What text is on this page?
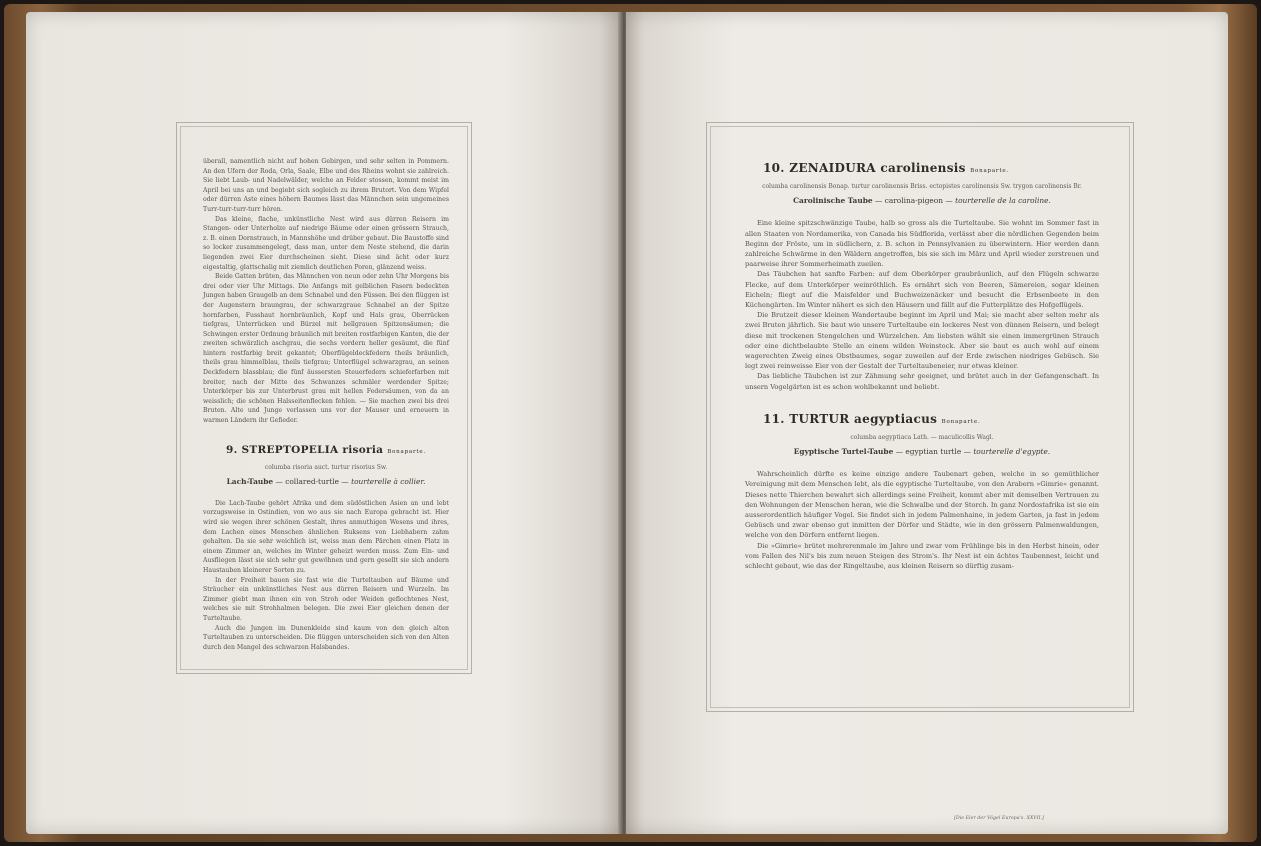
überall, namentlich nicht auf hohen Gebirgen, und sehr selten in Pommern. An den Ufern der Roda, Orla, Saale, Elbe und des Rheins wohnt sie zahlreich. Sie liebt Laub- und Nadelwälder, welche an Felder stossen, kommt meist im April bei uns an und begiebt sich sogleich zu ihrem Brutort. Von dem Wipfel oder dürren Aste eines höhern Baumes lässt das Männchen sein ungemeines Turr-turr-turr-turr hören.

Das kleine, flache, unkünstliche Nest wird aus dürren Reisern im Stangen- oder Unterholze auf niedrige Bäume oder einen grössern Strauch, z. B. einen Dornstrauch, in Mannshöhe und drüber gebaut. Die Baustoffe sind so locker zusammengelegt, dass man, unter dem Neste stehend, die darin liegenden zwei Eier durchscheinen sieht. Diese sind ächt oder kurz eigestaltig, glattschalig mit ziemlich deutlichen Poren, glänzend weiss.

Beide Gatten brüten, das Männchen von neun oder zehn Uhr Morgens bis drei oder vier Uhr Mittags. Die Anfangs mit gelblichen Fasern bedeckten Jungen haben Graugelb an dem Schnabel und den Füssen. Bei den flüggen ist der Augenstern braungrau, der schwarzgraue Schnabel an der Spitze hornfarben, Fusshaut hornbräunlich, Kopf und Hals grau, Oberrücken tiefgrau, Unterrücken und Bürzel mit hellgrauen Spitzensäumen; die Schwingen erster Ordnung bräunlich mit breiten rostfarbigen Kanten, die der zweiten schwärzlich aschgrau, die sechs vordern heller gesäumt, die fünf hintern rostfarbig breit gekantet; Oberflügeldeckfedern theils bräunlich, theils grau himmelblau, theils tiefgrau; Unterflügel schwarzgrau, an seinen Deckfedern blassblau; die fünf äussersten Steuerfedern schieferfarben mit breiter, nach der Mitte des Schwanzes schmäler werdender Spitze; Unterkörper bis zur Unterbrust grau mit hellen Federsäumen, von da an weisslich; die schönen Halsseitenflecken fehlen. — Sie machen zwei bis drei Bruten. Alte und Junge verlassen uns vor der Mauser und erneuern in warmen Ländern ihr Gefieder.

9. STREPTOPELIA risoria Bonaparte.
columba risoria auct. turtur risorius Sw.
Lach-Taube — collared-turtle — tourterelle à collier.

Die Lach-Taube gehört Afrika und dem südöstlichen Asien an und lebt vorzugsweise in Ostindien, von wo aus sie nach Europa gebracht ist. Hier wird sie wegen ihrer schönen Gestalt, ihres anmuthigen Wesens und ihres, dem Lachen eines Menschen ähnlichen Ruksens von Liebhabern zahm gehalten. Da sie sehr weichlich ist, weiss man dem Pärchen einen Platz in einem Zimmer an, welches im Winter geheizt werden muss. Zum Ein- und Ausfliegen lässt sie sich sehr gut gewöhnen und gern gesellt sie sich andern Haustauben kleinerer Sorten zu.

In der Freiheit bauen sie fast wie die Turteltauben auf Bäume und Sträucher ein unkünstliches Nest aus dürren Reisern und Wurzeln. Im Zimmer giebt man ihnen ein von Stroh oder Weiden geflochtenes Nest, welches sie mit Strohhalmen belegen. Die zwei Eier gleichen denen der Turteltaube.

Auch die Jungen im Dunenkleide sind kaum von den gleich alten Turteltauben zu unterscheiden. Die flüggen unterscheiden sich von den Alten durch den Mangel des schwarzen Halsbandes.

10. ZENAIDURA carolinensis Bonaparte.
columba carolinensis Bonap. turtur carolinensis Briss. ectopistes carolinensis Sw. trygon carolinensis Br.
Carolinische Taube — carolina-pigeon — tourterelle de la caroline.

Eine kleine spitzschwänzige Taube, halb so gross als die Turteltaube. Sie wohnt im Sommer fast in allen Staaten von Nordamerika, von Canada bis Südflorida, verlässt aber die nördlichen Gegenden beim Beginn der Fröste, um in südlichern, z. B. schon in Pennsylvanien zu überwintern. Hier werden dann zahlreiche Schwärme in den Wäldern angetroffen, bis sie sich im März und April wieder zerstreuen und paarweise ihrer Sommerheimath zueilen.

Das Täubchen hat sanfte Farben: auf dem Oberkörper graubräunlich, auf den Flügeln schwarze Flecke, auf dem Unterkörper weinröthlich. Es ernährt sich von Beeren, Sämereien, sogar kleinen Eicheln; fliegt auf die Maisfelder und Buchweizenäcker und besucht die Erbsenbeete in den Küchengärten. Im Winter nähert es sich den Häusern und fällt auf die Futterplätze des Hofgeflügels.

Die Brutzeit dieser kleinen Wandertaube beginnt im April und Mai; sie macht aber selten mehr als zwei Bruten jährlich. Sie baut wie unsere Turteltaube ein lockeres Nest von dünnen Reisern, und belegt diese mit trockenen Stengelchen und Würzelchen. Am liebsten wählt sie einen immergrünen Strauch oder eine dichtbelaubte Stelle an einem wilden Weinstock. Aber sie baut es auch wohl auf einem wagerechten Zweig eines Obstbaumes, sogar zuweilen auf der Erde zwischen niedriges Gebüsch. Sie legt zwei reinweisse Eier von der Gestalt der Turteltaubeneier, nur etwas kleiner.

Das liebliche Täubchen ist zur Zähmung sehr geeignet, und brütet auch in der Gefangenschaft. In unsern Vogelgärten ist es schon wohlbekannt und beliebt.

11. TURTUR aegyptiacus Bonaparte.
columba aegyptiaca Lath. — maculicollis Wagl.
Egyptische Turtel-Taube — egyptian turtle — tourterelle d'egypte.

Wahrscheinlich dürfte es keine einzige andere Taubenart geben, welche in so gemüthlicher Vereinigung mit dem Menschen lebt, als die egyptische Turteltaube, von den Arabern »Gimrie« genannt. Dieses nette Thierchen bewahrt sich allerdings seine Freiheit, kommt aber mit demselben Vertrauen zu den Wohnungen der Menschen heran, wie die Schwalbe und der Storch. In ganz Nordostafrika ist sie ein ausserordentlich häufiger Vogel. Sie findet sich in jedem Palmenhaine, in jedem Garten, ja fast in jedem Gebüsch und zwar ebenso gut inmitten der Dörfer und Städte, wie in den grössern Palmenwaldungen, welche von den Dörfern entfernt liegen.

Die »Gimrie« brütet mehrerenmale im Jahre und zwar vom Frühlinge bis in den Herbst hinein, oder vom Fallen des Nil's bis zum neuen Steigen des Strom's. Ihr Nest ist ein ächtes Taubennest, leicht und schlecht gebaut, wie das der Ringeltaube, aus kleinen Reisern so dürftig zusam-

[Die Eier der Vögel Europa's. XXVII.]
